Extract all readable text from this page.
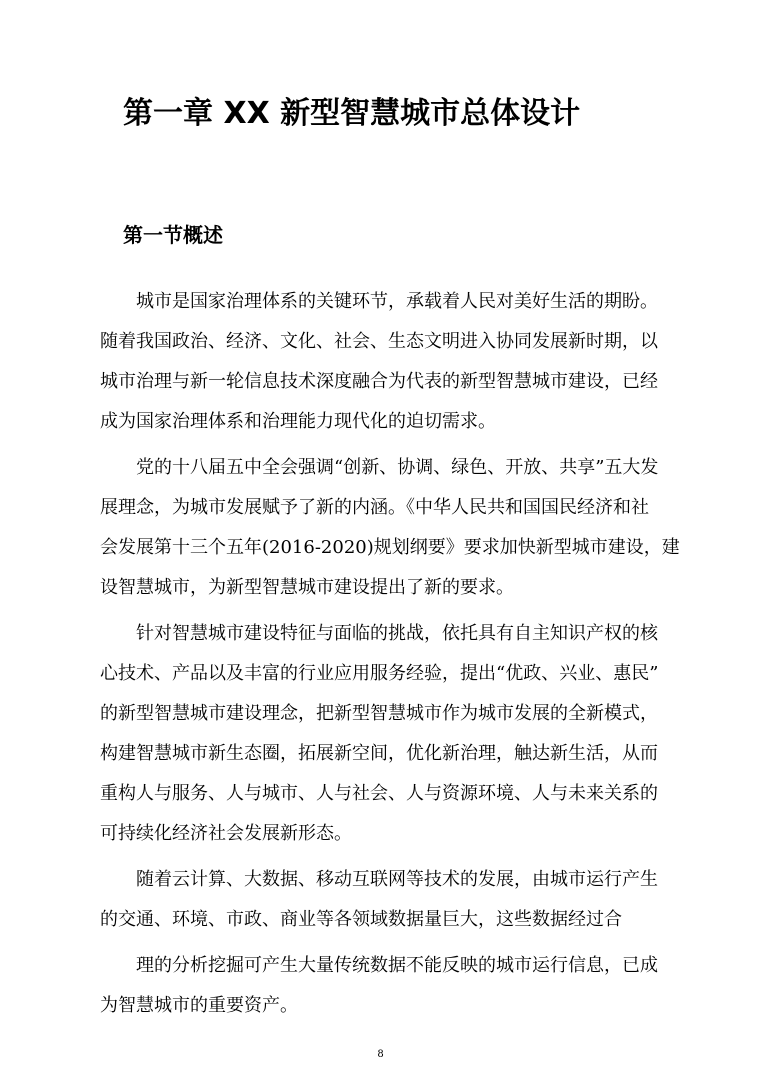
第一章 XX 新型智慧城市总体设计
第一节概述

城市是国家治理体系的关键环节，承载着人民对美好生活的期盼。

随着我国政治、经济、文化、社会、生态文明进入协同发展新时期，以

城市治理与新一轮信息技术深度融合为代表的新型智慧城市建设，已经

成为国家治理体系和治理能力现代化的迫切需求。

党的十八届五中全会强调“创新、协调、绿色、开放、共享”五大发

展理念，为城市发展赋予了新的内涵。《中华人民共和国国民经济和社

会发展第十三个五年(2016-2020)规划纲要》要求加快新型城市建设，建

设智慧城市，为新型智慧城市建设提出了新的要求。

针对智慧城市建设特征与面临的挑战，依托具有自主知识产权的核

心技术、产品以及丰富的行业应用服务经验，提出“优政、兴业、惠民”

的新型智慧城市建设理念，把新型智慧城市作为城市发展的全新模式，

构建智慧城市新生态圈，拓展新空间，优化新治理，触达新生活，从而

重构人与服务、人与城市、人与社会、人与资源环境、人与未来关系的

可持续化经济社会发展新形态。

随着云计算、大数据、移动互联网等技术的发展，由城市运行产生

的交通、环境、市政、商业等各领域数据量巨大，这些数据经过合

理的分析挖掘可产生大量传统数据不能反映的城市运行信息，已成

为智慧城市的重要资产。

8
